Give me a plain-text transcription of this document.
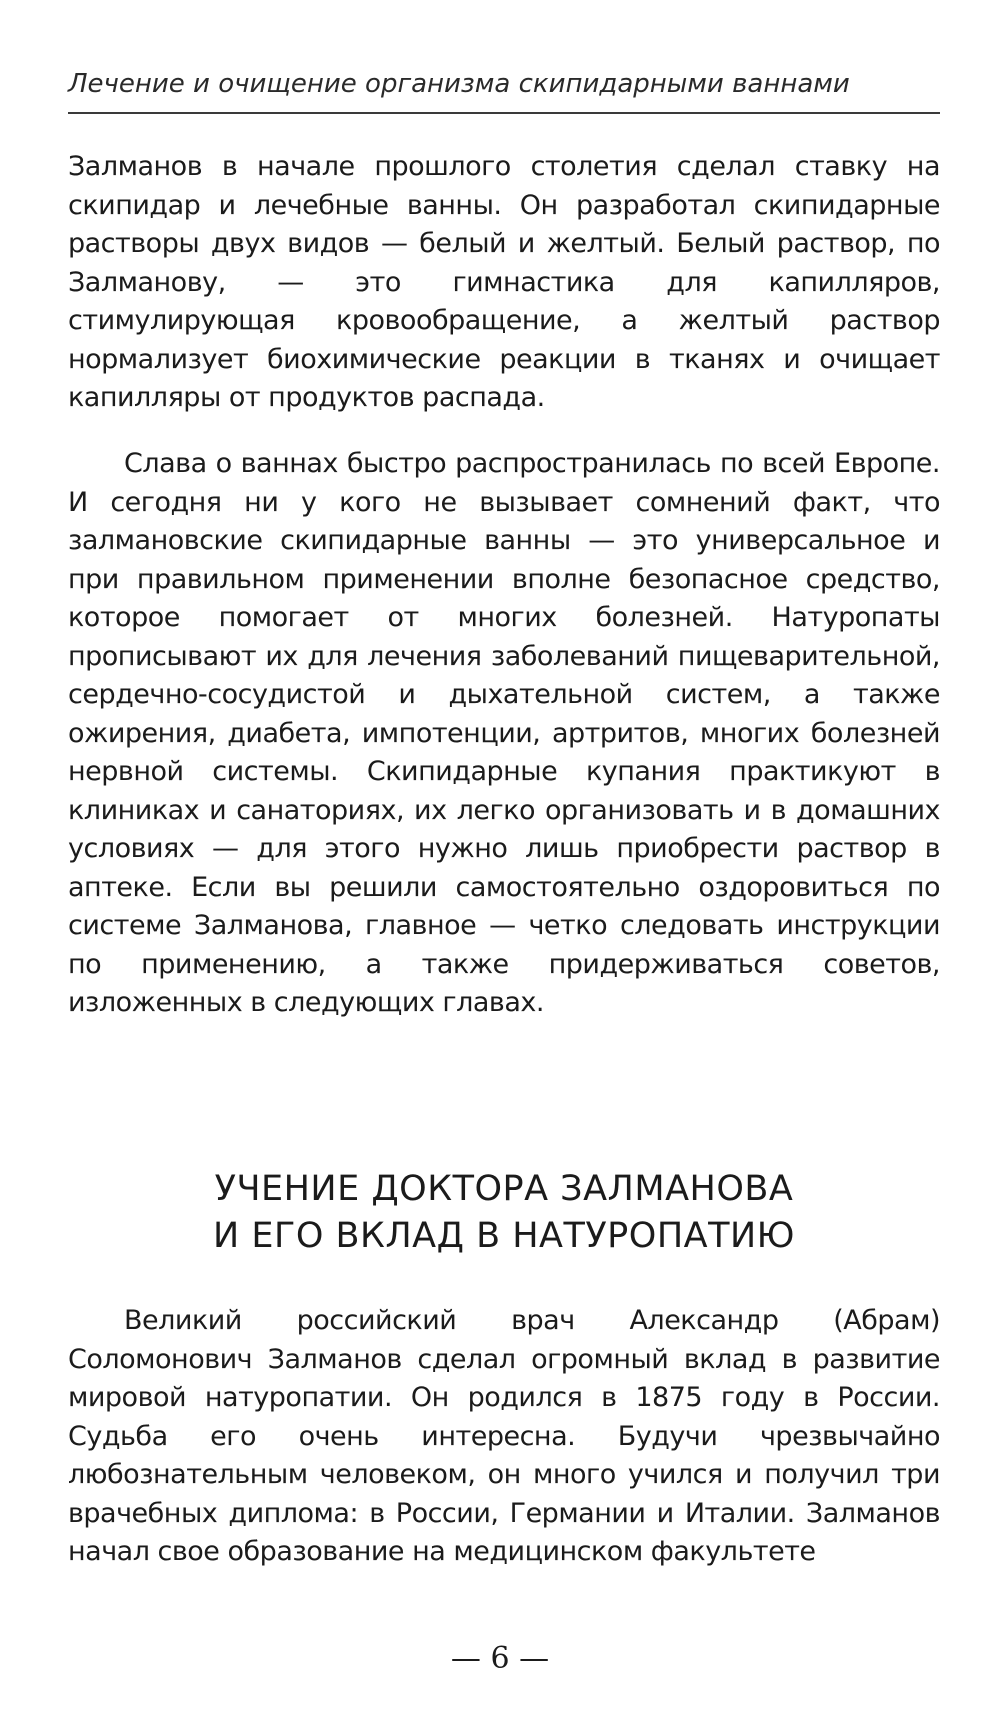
Лечение и очищение организма скипидарными ваннами

Залманов в начале прошлого столетия сделал ставку на скипидар и лечебные ванны. Он разработал скипидарные растворы двух видов — белый и желтый. Белый раствор, по Залманову, — это гимнастика для капилляров, стимулирующая кровообращение, а желтый раствор нормализует биохимические реакции в тканях и очищает капилляры от продуктов распада.

Слава о ваннах быстро распространилась по всей Европе. И сегодня ни у кого не вызывает сомнений факт, что залмановские скипидарные ванны — это универсальное и при правильном применении вполне безопасное средство, которое помогает от многих болезней. Натуропаты прописывают их для лечения заболеваний пищеварительной, сердечно-сосудистой и дыхательной систем, а также ожирения, диабета, импотенции, артритов, многих болезней нервной системы. Скипидарные купания практикуют в клиниках и санаториях, их легко организовать и в домашних условиях — для этого нужно лишь приобрести раствор в аптеке. Если вы решили самостоятельно оздоровиться по системе Залманова, главное — четко следовать инструкции по применению, а также придерживаться советов, изложенных в следующих главах.

УЧЕНИЕ ДОКТОРА ЗАЛМАНОВА
И ЕГО ВКЛАД В НАТУРОПАТИЮ

Великий российский врач Александр (Абрам) Соломонович Залманов сделал огромный вклад в развитие мировой натуропатии. Он родился в 1875 году в России. Судьба его очень интересна. Будучи чрезвычайно любознательным человеком, он много учился и получил три врачебных диплома: в России, Германии и Италии. Залманов начал свое образование на медицинском факультете

— 6 —
